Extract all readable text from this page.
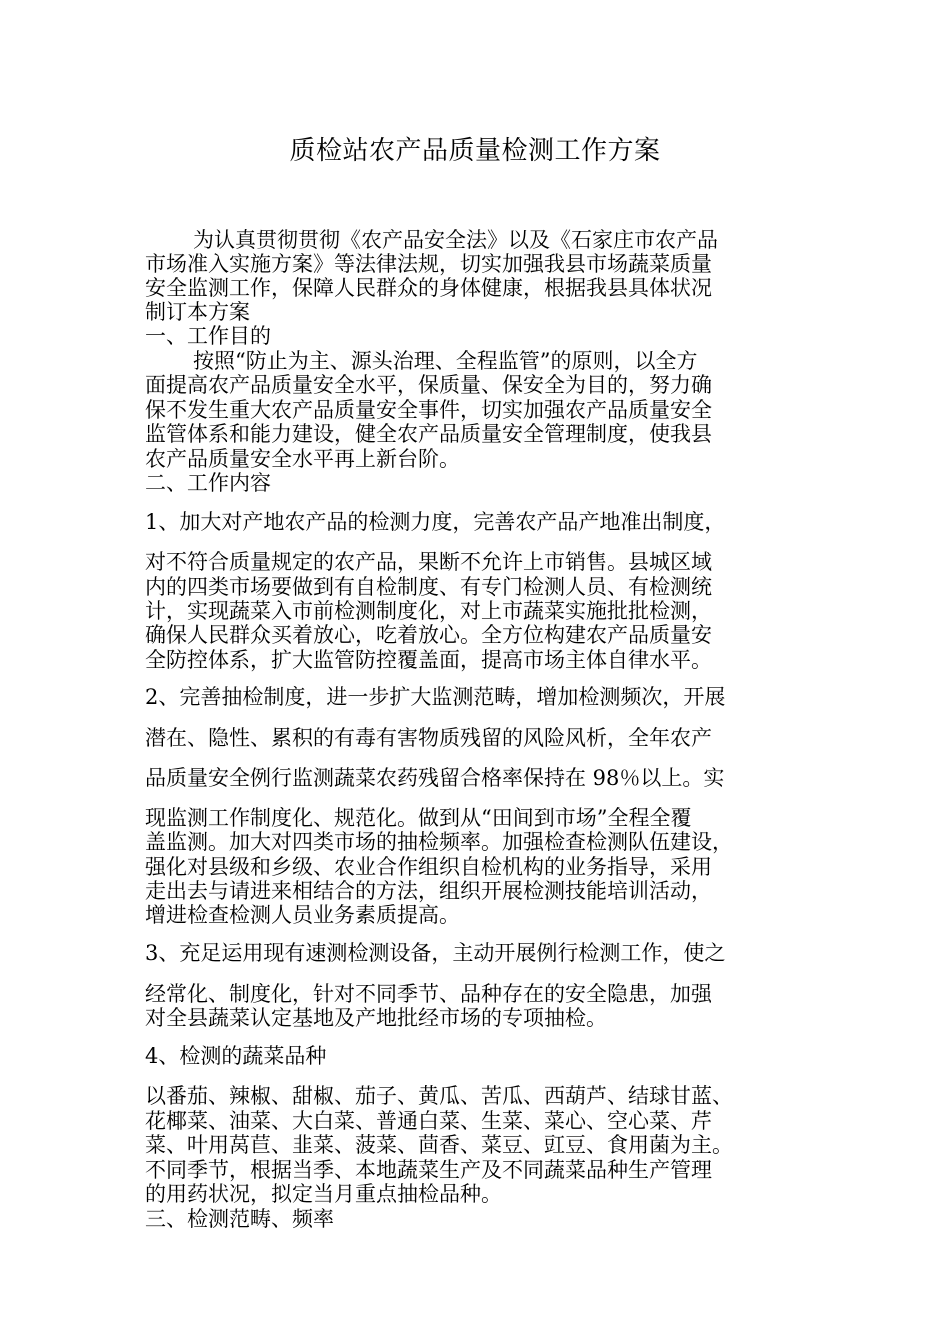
质检站农产品质量检测工作方案

为认真贯彻贯彻《农产品安全法》以及《石家庄市农产品

市场准入实施方案》等法律法规，切实加强我县市场蔬菜质量

安全监测工作，保障人民群众的身体健康，根据我县具体状况

制订本方案

一、工作目的

按照“防止为主、源头治理、全程监管”的原则，以全方

面提高农产品质量安全水平，保质量、保安全为目的，努力确

保不发生重大农产品质量安全事件，切实加强农产品质量安全

监管体系和能力建设，健全农产品质量安全管理制度，使我县

农产品质量安全水平再上新台阶。

二、工作内容

1、加大对产地农产品的检测力度，完善农产品产地准出制度，

对不符合质量规定的农产品，果断不允许上市销售。县城区域

内的四类市场要做到有自检制度、有专门检测人员、有检测统

计，实现蔬菜入市前检测制度化，对上市蔬菜实施批批检测，

确保人民群众买着放心，吃着放心。全方位构建农产品质量安

全防控体系，扩大监管防控覆盖面，提高市场主体自律水平。

2、完善抽检制度，进一步扩大监测范畴，增加检测频次，开展

潜在、隐性、累积的有毒有害物质残留的风险风析，全年农产

品质量安全例行监测蔬菜农药残留合格率保持在 98％以上。实

现监测工作制度化、规范化。做到从“田间到市场”全程全覆

盖监测。加大对四类市场的抽检频率。加强检查检测队伍建设，

强化对县级和乡级、农业合作组织自检机构的业务指导，采用

走出去与请进来相结合的方法，组织开展检测技能培训活动，

增进检查检测人员业务素质提高。

3、充足运用现有速测检测设备，主动开展例行检测工作，使之

经常化、制度化，针对不同季节、品种存在的安全隐患，加强

对全县蔬菜认定基地及产地批经市场的专项抽检。

4、检测的蔬菜品种

以番茄、辣椒、甜椒、茄子、黄瓜、苦瓜、西葫芦、结球甘蓝、

花椰菜、油菜、大白菜、普通白菜、生菜、菜心、空心菜、芹

菜、叶用莴苣、韭菜、菠菜、茴香、菜豆、豇豆、食用菌为主。

不同季节，根据当季、本地蔬菜生产及不同蔬菜品种生产管理

的用药状况，拟定当月重点抽检品种。

三、检测范畴、频率
